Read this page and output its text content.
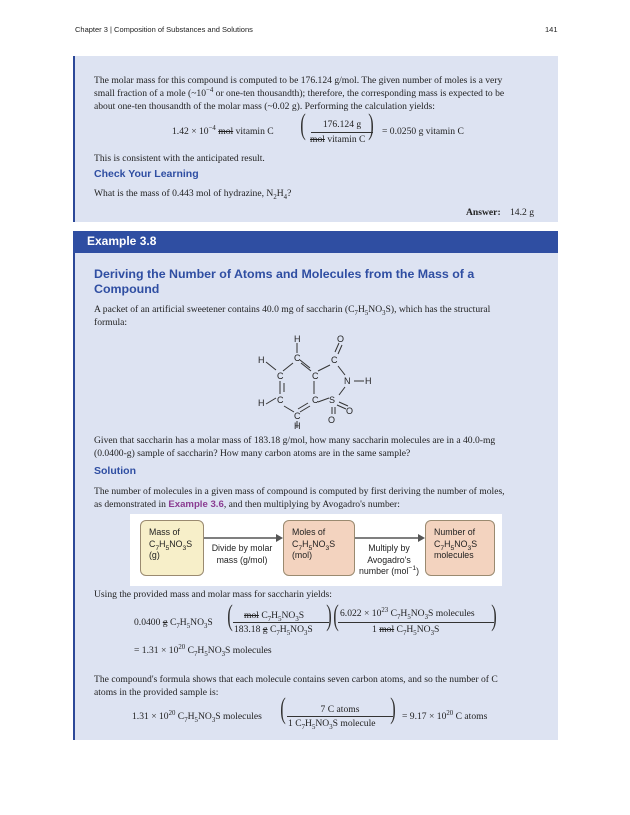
Chapter 3 | Composition of Substances and Solutions	141
The molar mass for this compound is computed to be 176.124 g/mol. The given number of moles is a very
small fraction of a mole ($\sim 10^{-4}$ or one-ten thousandth); therefore, the corresponding mass is expected to be
about one-ten thousandth of the molar mass (~0.02 g). Performing the calculation yields:
$1.42 \times 10^{-4}$ mol vitamin C (	176.124 g
mol vitamin C ) = 0.0250 g vitamin C
This is consistent with the anticipated result.
Check Your Learning
What is the mass of 0.443 mol of hydrazine, $N_2H_4$?
Answer: 14.2 g
Example 3.8
Deriving the Number of Atoms and Molecules from the Mass of a
Compound
A packet of an artificial sweetener contains 40.0 mg of saccharin $(C_7H_5NO_3S)$, which has the structural
formula:
H
C	C
O
H
C	C	N H
H C	C S
O
C	O
H
Given that saccharin has a molar mass of 183.18 g/mol, how many saccharin molecules are in a 40.0-mg
(0.0400-g) sample of saccharin? How many carbon atoms are in the same sample?
Solution
The number of molecules in a given mass of compound is computed by first deriving the number of moles,
as demonstrated in Example 3.6, and then multiplying by Avogadro's number:
Mass of
$C_7H_5NO_3S$
(g)
Divide by molar
mass (g/mol)
Moles of
$C_7H_5NO_3S$
(mol)
Multiply by
Avogadro's
number (mol$^{-1}$)
Number of
$C_7H_5NO_3S$
molecules
Using the provided mass and molar mass for saccharin yields:
0.0400 g $C_7H_5NO_3S$ ( mol $C_7H_5NO_3S$
183.18 g $C_7H_5NO_3S$ ) ( $6.022 \times 10^{23}$ $C_7H_5NO_3S$ molecules
1 mol $C_7H_5NO_3S$ )
= $1.31 \times 10^{20}$ $C_7H_5NO_3S$ molecules
The compound's formula shows that each molecule contains seven carbon atoms, and so the number of C
atoms in the provided sample is:
$1.31 \times 10^{20}$ $C_7H_5NO_3S$ molecules (	7 C atoms
1 $C_7H_5NO_3S$ molecule ) = $9.17 \times 10^{20}$ C atoms
